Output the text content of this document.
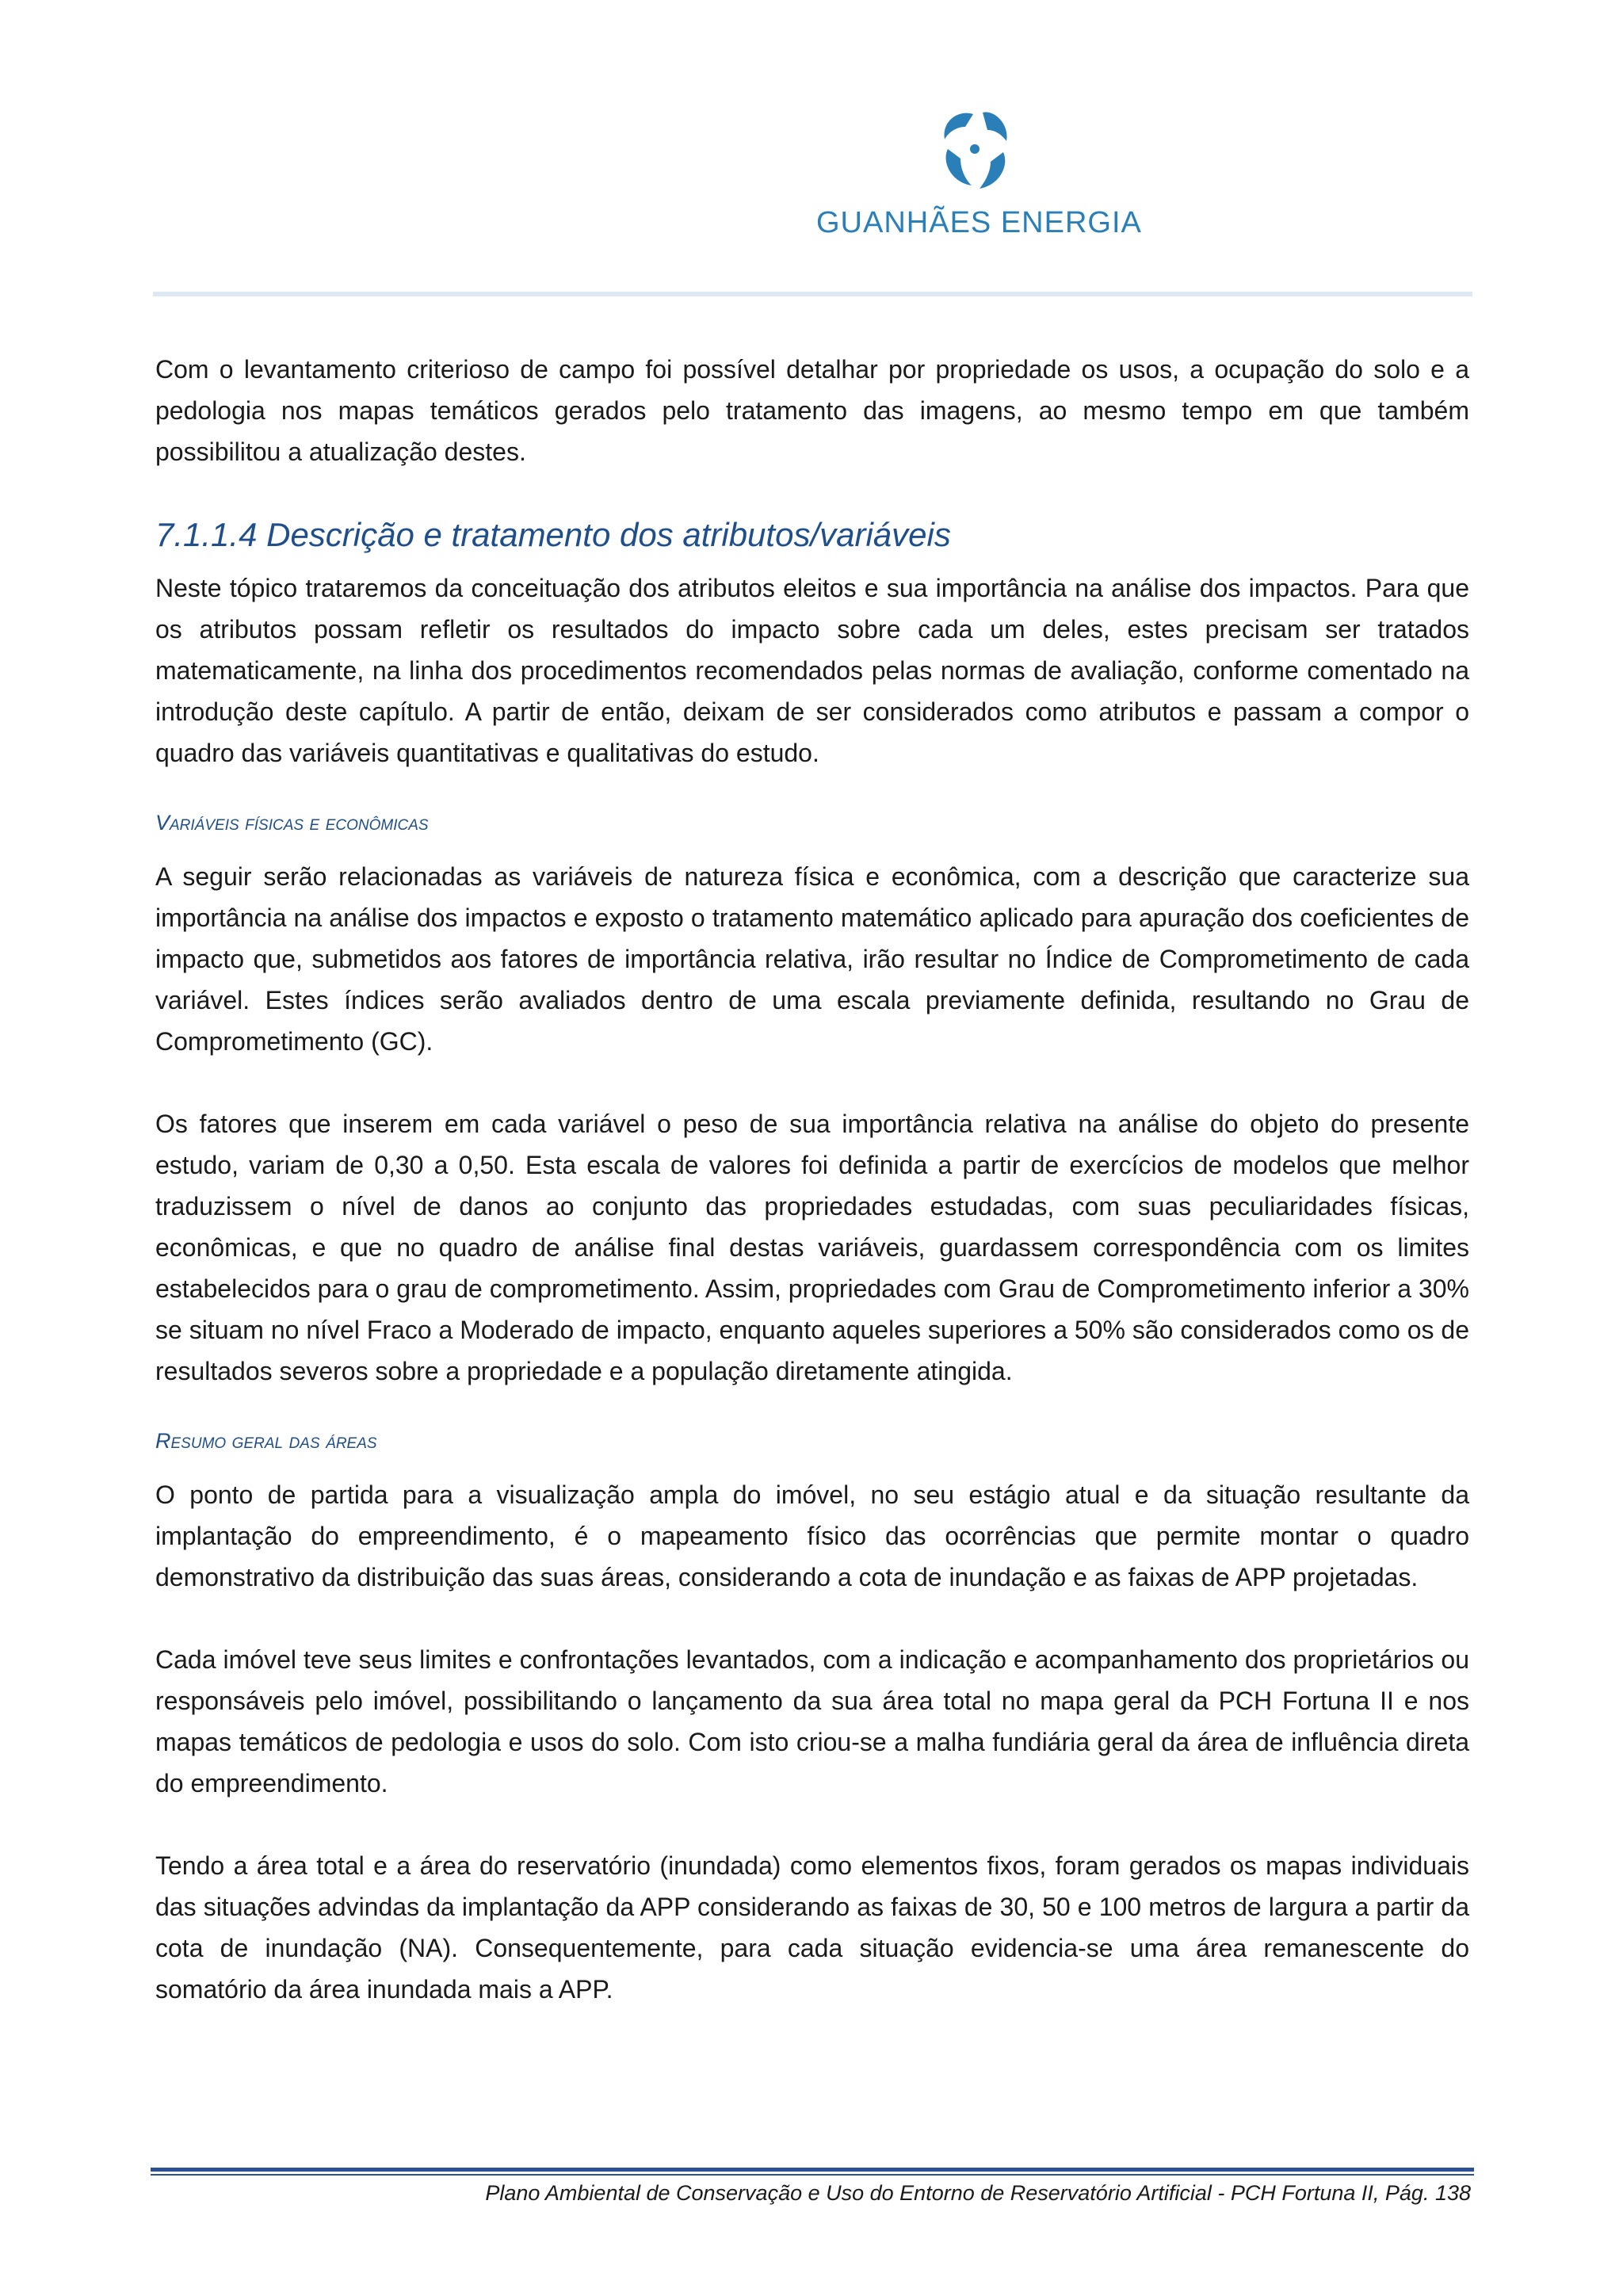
GUANHÃES ENERGIA

Com o levantamento criterioso de campo foi possível detalhar por propriedade os usos, a ocupação do solo e a pedologia nos mapas temáticos gerados pelo tratamento das imagens, ao mesmo tempo em que também possibilitou a atualização destes.

7.1.1.4 Descrição e tratamento dos atributos/variáveis

Neste tópico trataremos da conceituação dos atributos eleitos e sua importância na análise dos impactos. Para que os atributos possam refletir os resultados do impacto sobre cada um deles, estes precisam ser tratados matematicamente, na linha dos procedimentos recomendados pelas normas de avaliação, conforme comentado na introdução deste capítulo. A partir de então, deixam de ser considerados como atributos e passam a compor o quadro das variáveis quantitativas e qualitativas do estudo.

Variáveis físicas e econômicas

A seguir serão relacionadas as variáveis de natureza física e econômica, com a descrição que caracterize sua importância na análise dos impactos e exposto o tratamento matemático aplicado para apuração dos coeficientes de impacto que, submetidos aos fatores de importância relativa, irão resultar no Índice de Comprometimento de cada variável. Estes índices serão avaliados dentro de uma escala previamente definida, resultando no Grau de Comprometimento (GC).

Os fatores que inserem em cada variável o peso de sua importância relativa na análise do objeto do presente estudo, variam de 0,30 a 0,50. Esta escala de valores foi definida a partir de exercícios de modelos que melhor traduzissem o nível de danos ao conjunto das propriedades estudadas, com suas peculiaridades físicas, econômicas, e que no quadro de análise final destas variáveis, guardassem correspondência com os limites estabelecidos para o grau de comprometimento. Assim, propriedades com Grau de Comprometimento inferior a 30% se situam no nível Fraco a Moderado de impacto, enquanto aqueles superiores a 50% são considerados como os de resultados severos sobre a propriedade e a população diretamente atingida.

Resumo geral das áreas

O ponto de partida para a visualização ampla do imóvel, no seu estágio atual e da situação resultante da implantação do empreendimento, é o mapeamento físico das ocorrências que permite montar o quadro demonstrativo da distribuição das suas áreas, considerando a cota de inundação e as faixas de APP projetadas.

Cada imóvel teve seus limites e confrontações levantados, com a indicação e acompanhamento dos proprietários ou responsáveis pelo imóvel, possibilitando o lançamento da sua área total no mapa geral da PCH Fortuna II e nos mapas temáticos de pedologia e usos do solo. Com isto criou-se a malha fundiária geral da área de influência direta do empreendimento.

Tendo a área total e a área do reservatório (inundada) como elementos fixos, foram gerados os mapas individuais das situações advindas da implantação da APP considerando as faixas de 30, 50 e 100 metros de largura a partir da cota de inundação (NA). Consequentemente, para cada situação evidencia-se uma área remanescente do somatório da área inundada mais a APP.

Plano Ambiental de Conservação e Uso do Entorno de Reservatório Artificial - PCH Fortuna II, Pág. 138
